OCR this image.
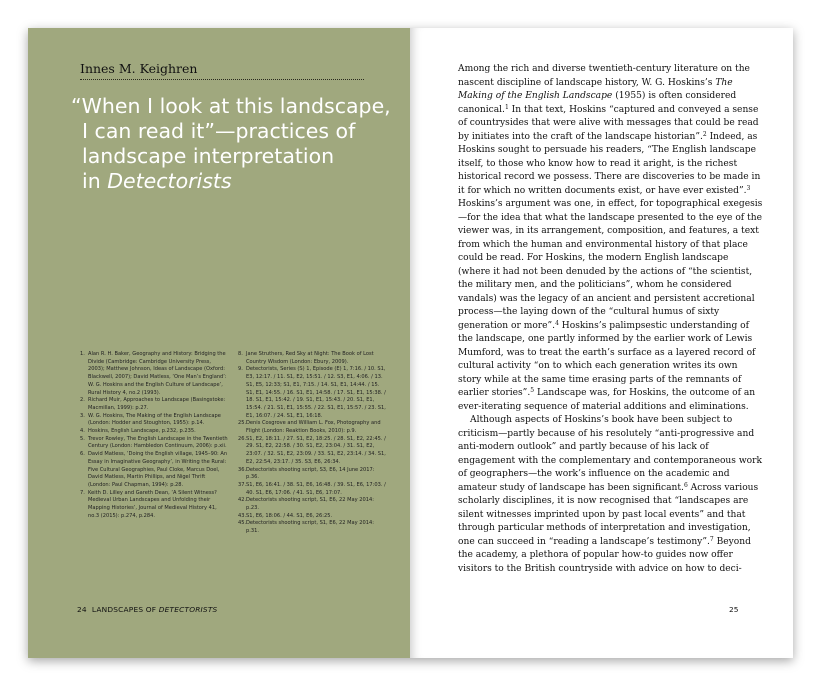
Innes M. Keighren
“When I look at this landscape,
I can read it”—practices of
landscape interpretation
in Detectorists
1. Alan R. H. Baker, Geography and History: Bridging the Divide (Cambridge: Cambridge University Press, 2003); Matthew Johnson, Ideas of Landscape (Oxford: Blackwell, 2007); David Matless, ‘One Man’s England’: W. G. Hoskins and the English Culture of Landscape’, Rural History 4, no.2 (1993).
2. Richard Muir, Approaches to Landscape (Basingstoke: Macmillan, 1999): p.27.
3. W. G. Hoskins, The Making of the English Landscape (London: Hodder and Stoughton, 1955): p.14.
4. Hoskins, English Landscape, p.232, p.235.
5. Trevor Rowley, The English Landscape in the Twentieth Century (London: Hambledon Continuum, 2006): p.xii.
6. David Matless, ‘Doing the English village, 1945–90: An Essay in Imaginative Geography’, in Writing the Rural: Five Cultural Geographies, Paul Cloke, Marcus Doel, David Matless, Martin Phillips, and Nigel Thrift (London: Paul Chapman, 1994): p.28.
7. Keith D. Lilley and Gareth Dean, ‘A Silent Witness? Medieval Urban Landscapes and Unfolding their Mapping Histories’, Journal of Medieval History 41, no.3 (2015): p.274, p.284.
8. Jane Struthers, Red Sky at Night: The Book of Lost Country Wisdom (London: Ebury, 2009).
9. Detectorists, Series (S) 1, Episode (E) 1, 7:16. / 10. S1, E3, 12:17. / 11. S1, E2, 15:51. / 12. S3, E1, 4:06. / 13. S1, E5, 12:33; S1, E1, 7:15. / 14. S1, E1, 14:44. / 15. S1, E1, 14:55. / 16. S1, E1, 14:58. / 17. S1, E1, 15:38. / 18. S1, E1, 15:42. / 19. S1, E1, 15:43. / 20. S1, E1, 15:54. / 21. S1, E1, 15:55. / 22. S1, E1, 15:57. / 23. S1, E1, 16:07. / 24. S1, E1, 16:18.
25. Denis Cosgrove and William L. Fox, Photography and Flight (London: Reaktion Books, 2010): p.9.
26. S1, E2, 18:11. / 27. S1, E2, 18:25. / 28. S1, E2, 22:45. / 29. S1, E2, 22:58. / 30. S1, E2, 23:04. / 31. S1, E2, 23:07. / 32. S1, E2, 23:09. / 33. S1, E2, 23:14. / 34. S1, E2, 22:54, 23:17. / 35. S3, E6, 26:34.
36. Detectorists shooting script, S3, E6, 14 June 2017: p.36.
37. S1, E6, 16:41. / 38. S1, E6, 16:48. / 39. S1, E6, 17:03. / 40. S1, E6, 17:06. / 41. S1, E6, 17:07.
42. Detectorists shooting script, S1, E6, 22 May 2014: p.23.
43. S1, E6, 18:06. / 44. S1, E6, 26:25.
45. Detectorists shooting script, S1, E6, 22 May 2014: p.31.
24 LANDSCAPES OF DETECTORISTS

Among the rich and diverse twentieth-century literature on the nascent discipline of landscape history, W. G. Hoskins’s The Making of the English Landscape (1955) is often considered canonical.$^1$ In that text, Hoskins “captured and conveyed a sense of countrysides that were alive with messages that could be read by initiates into the craft of the landscape historian”.$^2$ Indeed, as Hoskins sought to persuade his readers, “The English landscape itself, to those who know how to read it aright, is the richest historical record we possess. There are discoveries to be made in it for which no written documents exist, or have ever existed”.$^3$ Hoskins’s argument was one, in effect, for topographical exegesis—for the idea that what the landscape presented to the eye of the viewer was, in its arrangement, composition, and features, a text from which the human and environmental history of that place could be read. For Hoskins, the modern English landscape (where it had not been denuded by the actions of “the scientist, the military men, and the politicians”, whom he considered vandals) was the legacy of an ancient and persistent accretional process—the laying down of the “cultural humus of sixty generation or more”.$^4$ Hoskins’s palimpsestic understanding of the landscape, one partly informed by the earlier work of Lewis Mumford, was to treat the earth’s surface as a layered record of cultural activity “on to which each generation writes its own story while at the same time erasing parts of the remnants of earlier stories”.$^5$ Landscape was, for Hoskins, the outcome of an ever-iterating sequence of material additions and eliminations.

Although aspects of Hoskins’s book have been subject to criticism—partly because of his resolutely “anti-progressive and anti-modern outlook” and partly because of his lack of engagement with the complementary and contemporaneous work of geographers—the work’s influence on the academic and amateur study of landscape has been significant.$^6$ Across various scholarly disciplines, it is now recognised that “landscapes are silent witnesses imprinted upon by past local events” and that through particular methods of interpretation and investigation, one can succeed in “reading a landscape’s testimony”.$^7$ Beyond the academy, a plethora of popular how-to guides now offer visitors to the British countryside with advice on how to deci-

25
